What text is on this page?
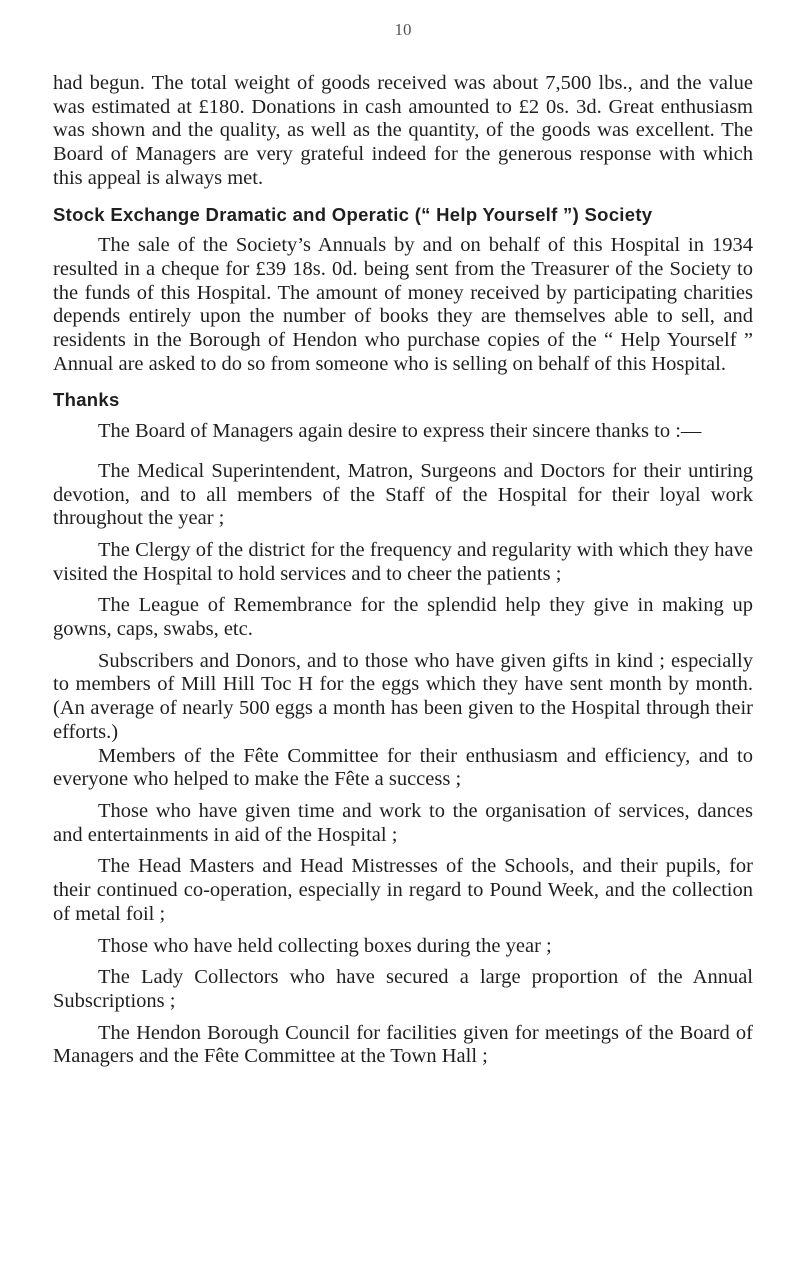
10

had begun. The total weight of goods received was about 7,500 lbs., and the value was estimated at £180. Donations in cash amounted to £2 0s. 3d. Great enthusiasm was shown and the quality, as well as the quantity, of the goods was excellent. The Board of Managers are very grateful indeed for the generous response with which this appeal is always met.

Stock Exchange Dramatic and Operatic (“ Help Yourself ”) Society

The sale of the Society’s Annuals by and on behalf of this Hospital in 1934 resulted in a cheque for £39 18s. 0d. being sent from the Treasurer of the Society to the funds of this Hospital. The amount of money received by participating charities depends entirely upon the number of books they are themselves able to sell, and residents in the Borough of Hendon who purchase copies of the “ Help Yourself ” Annual are asked to do so from someone who is selling on behalf of this Hospital.

Thanks

The Board of Managers again desire to express their sincere thanks to :—

The Medical Superintendent, Matron, Surgeons and Doctors for their untiring devotion, and to all members of the Staff of the Hospital for their loyal work throughout the year ;

The Clergy of the district for the frequency and regularity with which they have visited the Hospital to hold services and to cheer the patients ;

The League of Remembrance for the splendid help they give in making up gowns, caps, swabs, etc.

Subscribers and Donors, and to those who have given gifts in kind ; especially to members of Mill Hill Toc H for the eggs which they have sent month by month. (An average of nearly 500 eggs a month has been given to the Hospital through their efforts.)

Members of the Fête Committee for their enthusiasm and efficiency, and to everyone who helped to make the Fête a success ;

Those who have given time and work to the organisation of services, dances and entertainments in aid of the Hospital ;

The Head Masters and Head Mistresses of the Schools, and their pupils, for their continued co-operation, especially in regard to Pound Week, and the collection of metal foil ;

Those who have held collecting boxes during the year ;

The Lady Collectors who have secured a large proportion of the Annual Subscriptions ;

The Hendon Borough Council for facilities given for meetings of the Board of Managers and the Fête Committee at the Town Hall ;
